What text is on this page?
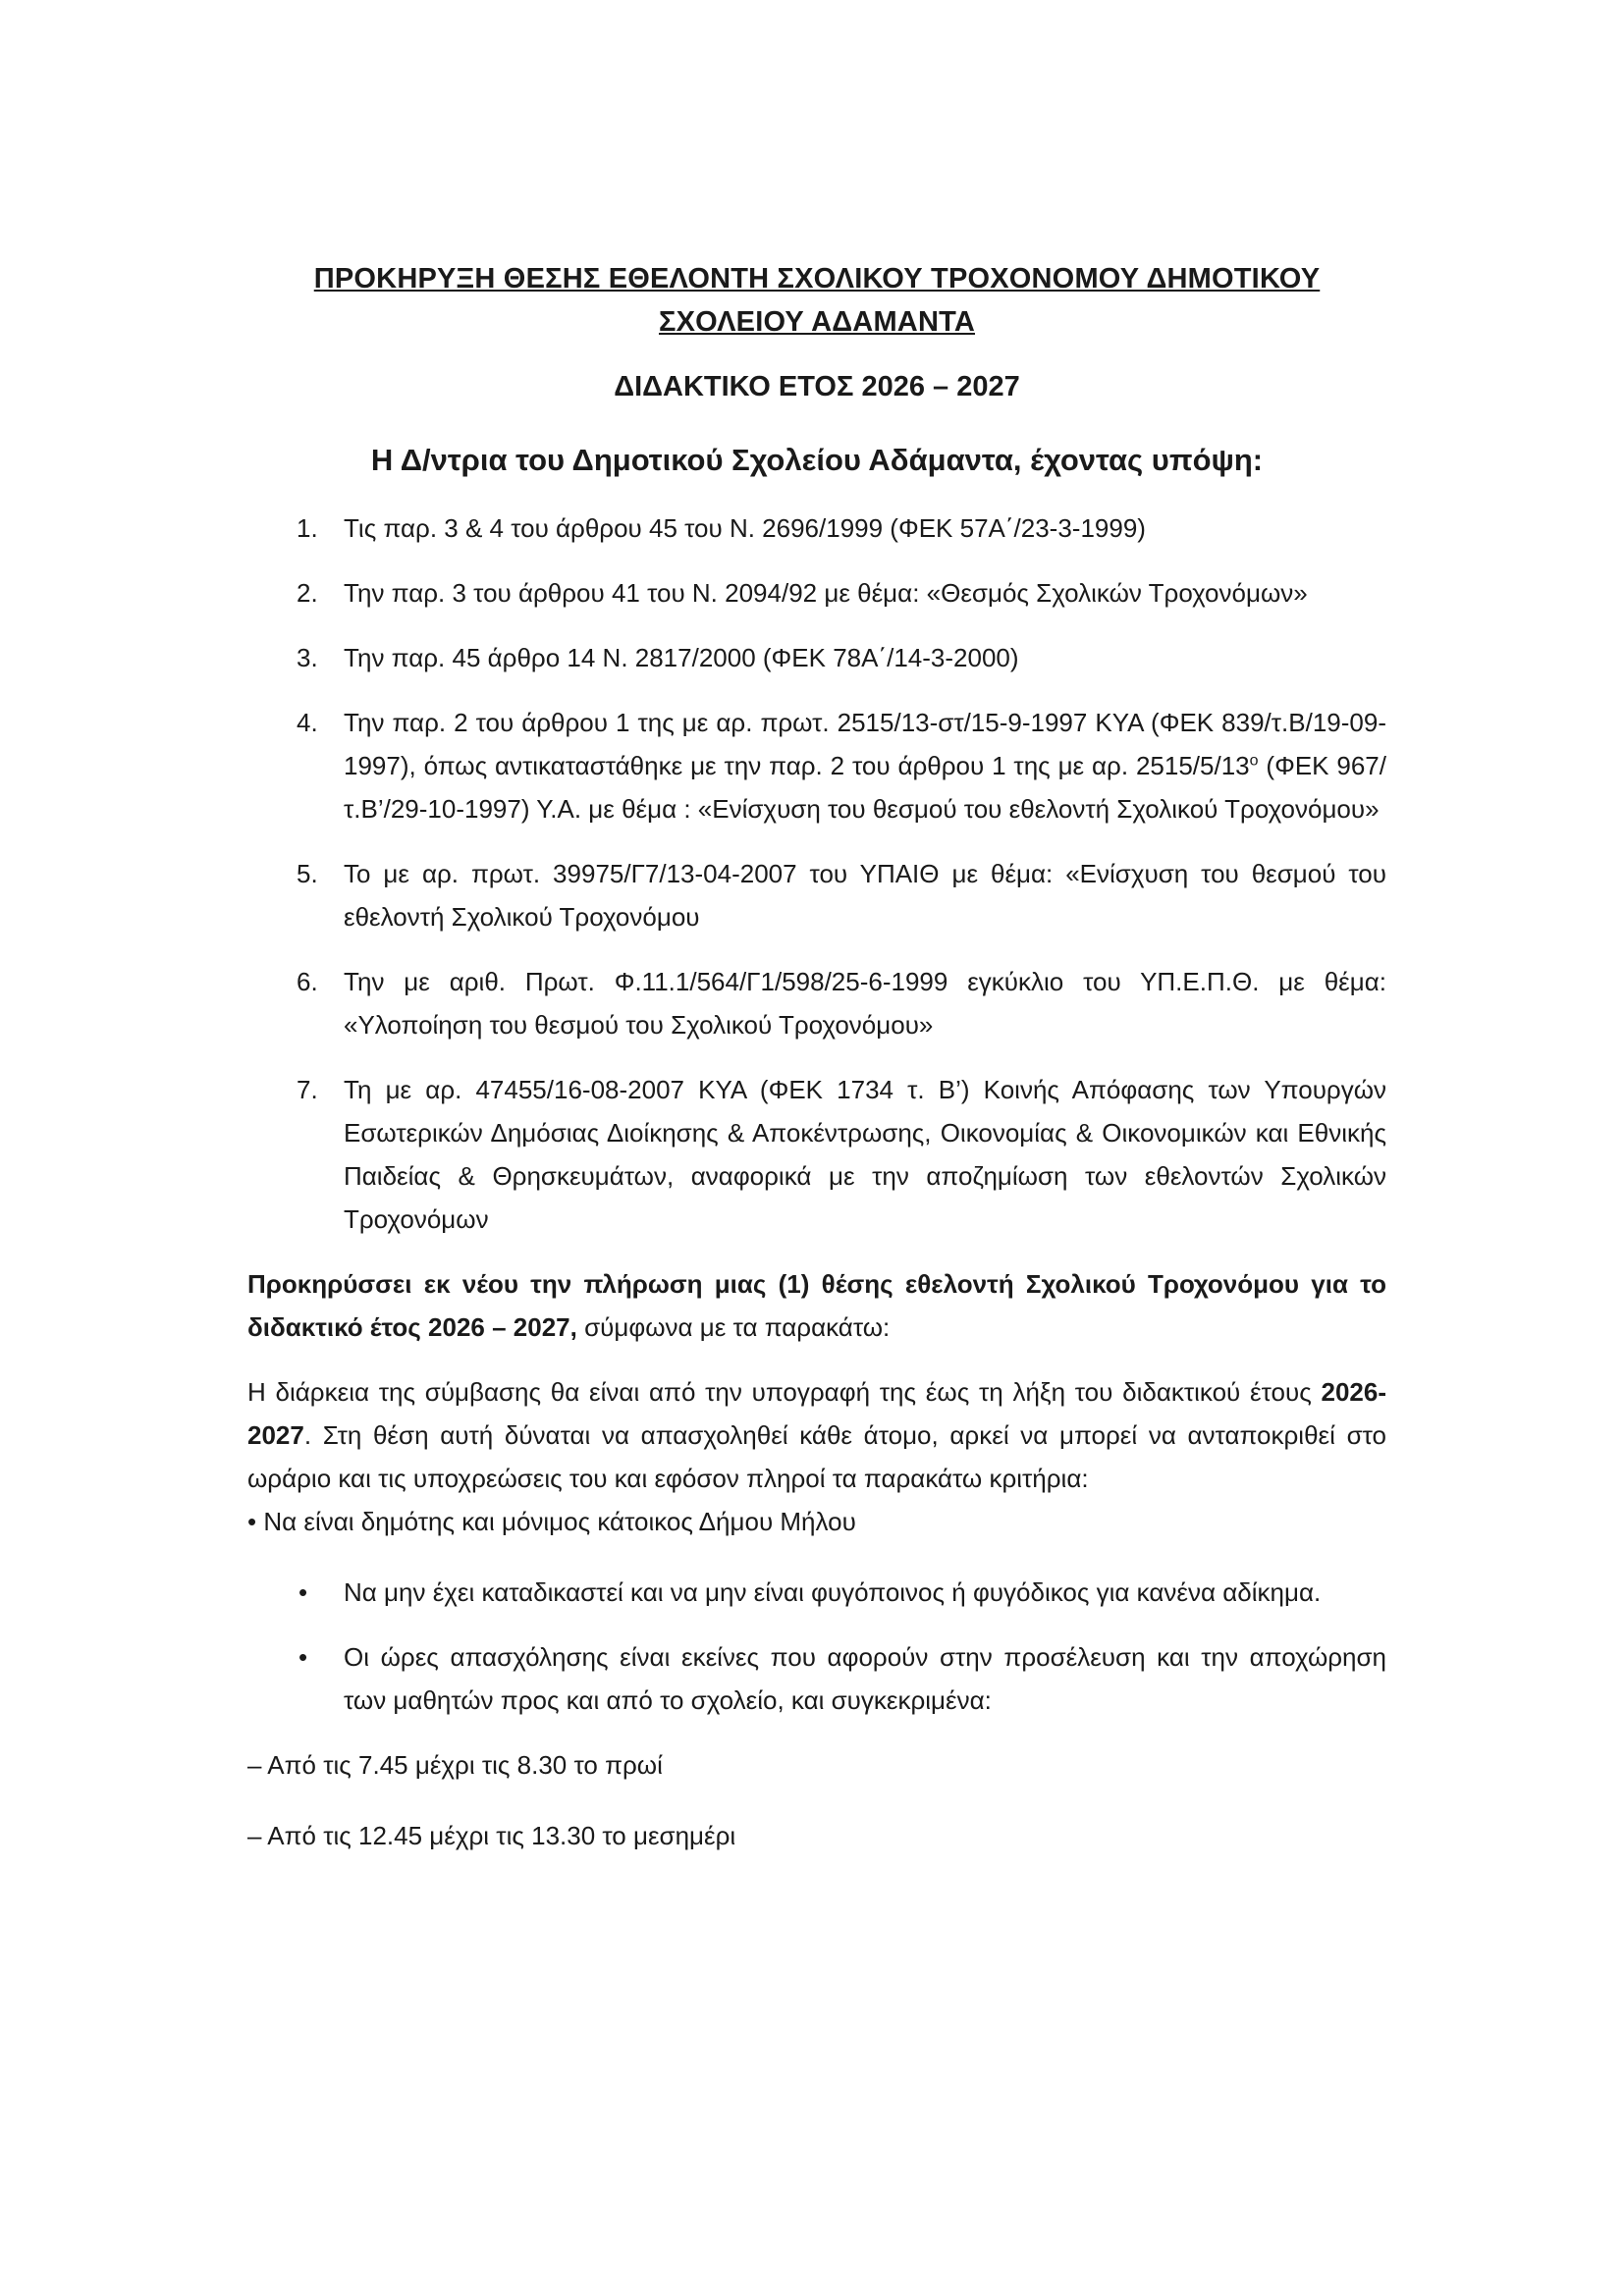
ΠΡΟΚΗΡΥΞΗ ΘΕΣΗΣ ΕΘΕΛΟΝΤΗ ΣΧΟΛΙΚΟΥ ΤΡΟΧΟΝΟΜΟΥ ΔΗΜΟΤΙΚΟΥ
ΣΧΟΛΕΙΟΥ ΑΔΑΜΑΝΤΑ
ΔΙΔΑΚΤΙΚΟ ΕΤΟΣ 2026 – 2027
Η Δ/ντρια του Δημοτικού Σχολείου Αδάμαντα, έχοντας υπόψη:
1. Τις παρ. 3 & 4 του άρθρου 45 του Ν. 2696/1999 (ΦΕΚ 57Α΄/23-3-1999)
2. Την παρ. 3 του άρθρου 41 του Ν. 2094/92 με θέμα: «Θεσμός Σχολικών Τροχονόμων»
3. Την παρ. 45 άρθρο 14 Ν. 2817/2000 (ΦΕΚ 78Α΄/14-3-2000)
4. Την παρ. 2 του άρθρου 1 της με αρ. πρωτ. 2515/13-στ/15-9-1997 ΚΥΑ (ΦΕΚ 839/τ.Β/19-09-1997), όπως αντικαταστάθηκε με την παρ. 2 του άρθρου 1 της με αρ. $2515/5/13^o$ (ΦΕΚ 967/τ.Β’/29-10-1997) Υ.Α. με θέμα : «Ενίσχυση του θεσμού του εθελοντή Σχολικού Τροχονόμου»
5. Το με αρ. πρωτ. 39975/Γ7/13-04-2007 του ΥΠΑΙΘ με θέμα: «Ενίσχυση του θεσμού του εθελοντή Σχολικού Τροχονόμου
6. Την με αριθ. Πρωτ. Φ.11.1/564/Γ1/598/25-6-1999 εγκύκλιο του ΥΠ.Ε.Π.Θ. με θέμα: «Υλοποίηση του θεσμού του Σχολικού Τροχονόμου»
7. Τη με αρ. 47455/16-08-2007 ΚΥΑ (ΦΕΚ 1734 τ. Β’) Κοινής Απόφασης των Υπουργών Εσωτερικών Δημόσιας Διοίκησης & Αποκέντρωσης, Οικονομίας & Οικονομικών και Εθνικής Παιδείας & Θρησκευμάτων, αναφορικά με την αποζημίωση των εθελοντών Σχολικών Τροχονόμων

Προκηρύσσει εκ νέου την πλήρωση μιας (1) θέσης εθελοντή Σχολικού Τροχονόμου για το διδακτικό έτος 2026 – 2027, σύμφωνα με τα παρακάτω:

Η διάρκεια της σύμβασης θα είναι από την υπογραφή της έως τη λήξη του διδακτικού έτους 2026-2027. Στη θέση αυτή δύναται να απασχοληθεί κάθε άτομο, αρκεί να μπορεί να ανταποκριθεί στο ωράριο και τις υποχρεώσεις του και εφόσον πληροί τα παρακάτω κριτήρια:

• Να είναι δημότης και μόνιμος κάτοικος Δήμου Μήλου
• Να μην έχει καταδικαστεί και να μην είναι φυγόποινος ή φυγόδικος για κανένα αδίκημα.
• Οι ώρες απασχόλησης είναι εκείνες που αφορούν στην προσέλευση και την αποχώρηση των μαθητών προς και από το σχολείο, και συγκεκριμένα:
– Από τις 7.45 μέχρι τις 8.30 το πρωί
– Από τις 12.45 μέχρι τις 13.30 το μεσημέρι
